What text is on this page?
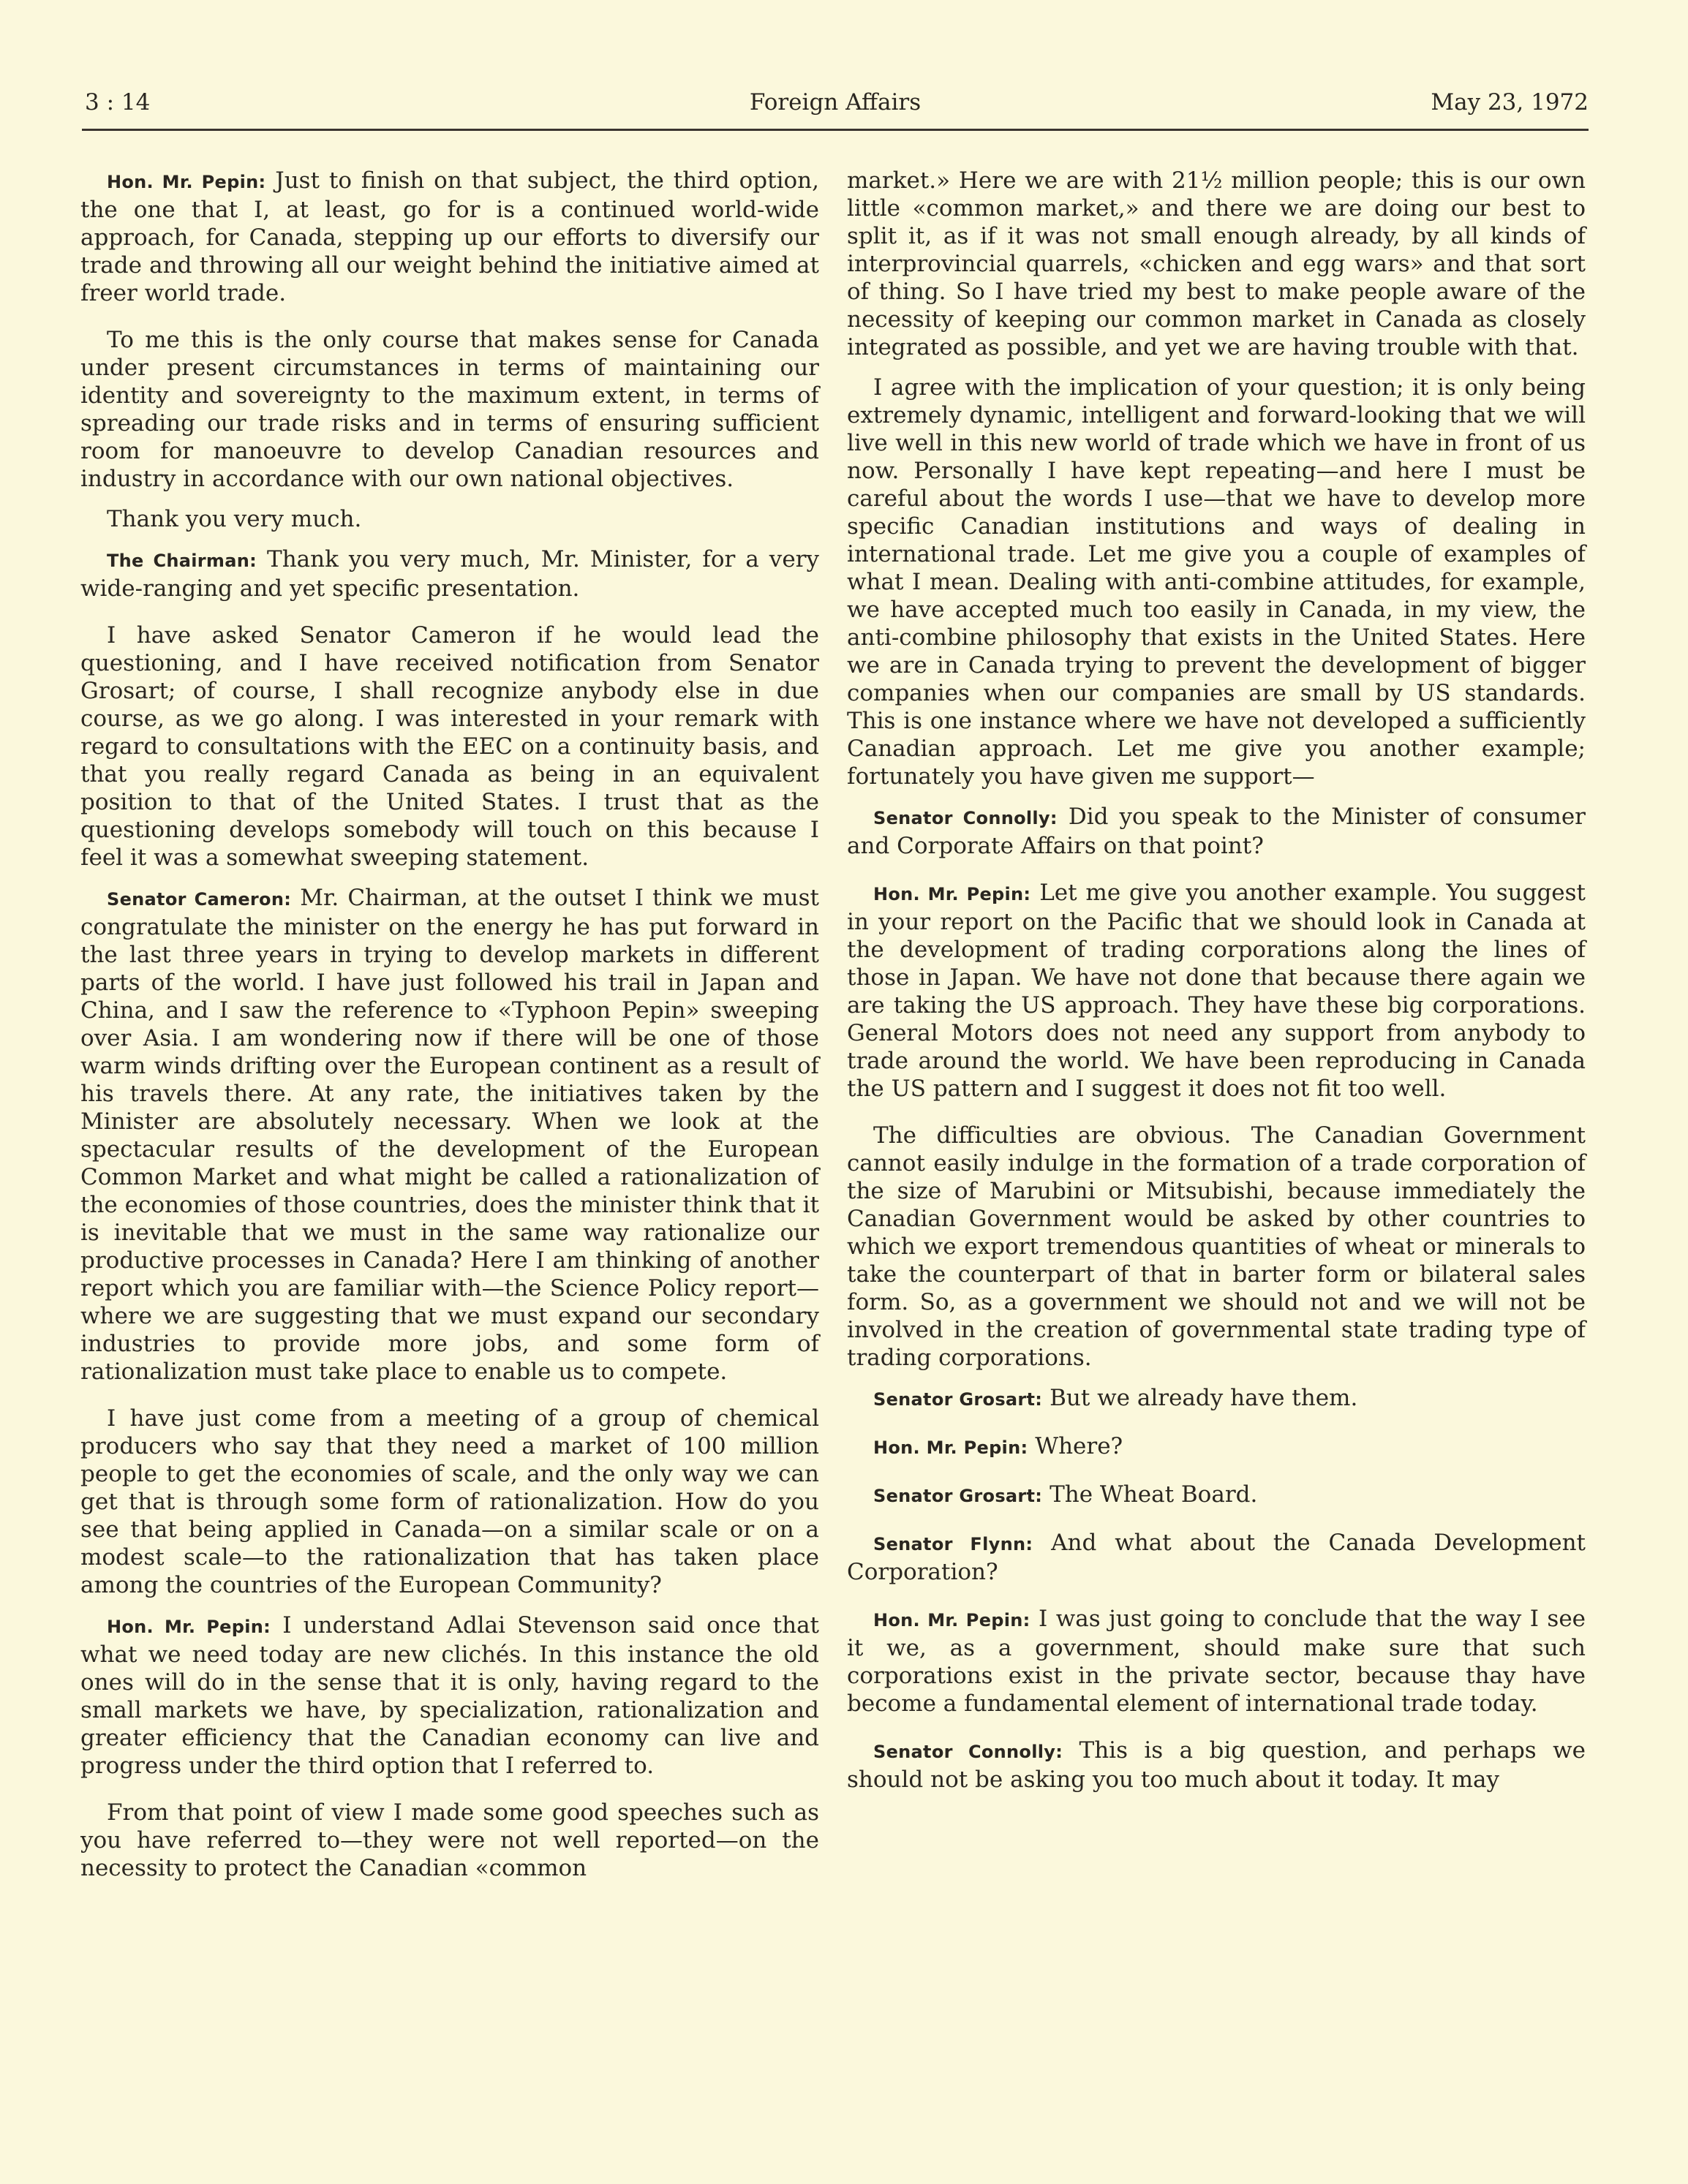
3 : 14	Foreign Affairs	May 23, 1972

Hon. Mr. Pepin: Just to finish on that subject, the third option, the one that I, at least, go for is a continued world-wide approach, for Canada, stepping up our efforts to diversify our trade and throwing all our weight behind the initiative aimed at freer world trade.

To me this is the only course that makes sense for Canada under present circumstances in terms of maintaining our identity and sovereignty to the maximum extent, in terms of spreading our trade risks and in terms of ensuring sufficient room for manoeuvre to develop Canadian resources and industry in accordance with our own national objectives.

Thank you very much.

The Chairman: Thank you very much, Mr. Minister, for a very wide-ranging and yet specific presentation.

I have asked Senator Cameron if he would lead the questioning, and I have received notification from Senator Grosart; of course, I shall recognize anybody else in due course, as we go along. I was interested in your remark with regard to consultations with the EEC on a continuity basis, and that you really regard Canada as being in an equivalent position to that of the United States. I trust that as the questioning develops somebody will touch on this because I feel it was a somewhat sweeping statement.

Senator Cameron: Mr. Chairman, at the outset I think we must congratulate the minister on the energy he has put forward in the last three years in trying to develop markets in different parts of the world. I have just followed his trail in Japan and China, and I saw the reference to «Typhoon Pepin» sweeping over Asia. I am wondering now if there will be one of those warm winds drifting over the European continent as a result of his travels there. At any rate, the initiatives taken by the Minister are absolutely necessary. When we look at the spectacular results of the development of the European Common Market and what might be called a rationalization of the economies of those countries, does the minister think that it is inevitable that we must in the same way rationalize our productive processes in Canada? Here I am thinking of another report which you are familiar with—the Science Policy report—where we are suggesting that we must expand our secondary industries to provide more jobs, and some form of rationalization must take place to enable us to compete.

I have just come from a meeting of a group of chemical producers who say that they need a market of 100 million people to get the economies of scale, and the only way we can get that is through some form of rationalization. How do you see that being applied in Canada—on a similar scale or on a modest scale—to the rationalization that has taken place among the countries of the European Community?

Hon. Mr. Pepin: I understand Adlai Stevenson said once that what we need today are new clichés. In this instance the old ones will do in the sense that it is only, having regard to the small markets we have, by specialization, rationalization and greater efficiency that the Canadian economy can live and progress under the third option that I referred to.

From that point of view I made some good speeches such as you have referred to—they were not well reported—on the necessity to protect the Canadian «common

market.» Here we are with 21½ million people; this is our own little «common market,» and there we are doing our best to split it, as if it was not small enough already, by all kinds of interprovincial quarrels, «chicken and egg wars» and that sort of thing. So I have tried my best to make people aware of the necessity of keeping our common market in Canada as closely integrated as possible, and yet we are having trouble with that.

I agree with the implication of your question; it is only being extremely dynamic, intelligent and forward-looking that we will live well in this new world of trade which we have in front of us now. Personally I have kept repeating—and here I must be careful about the words I use—that we have to develop more specific Canadian institutions and ways of dealing in international trade. Let me give you a couple of examples of what I mean. Dealing with anti-combine attitudes, for example, we have accepted much too easily in Canada, in my view, the anti-combine philosophy that exists in the United States. Here we are in Canada trying to prevent the development of bigger companies when our companies are small by US standards. This is one instance where we have not developed a sufficiently Canadian approach. Let me give you another example; fortunately you have given me support—

Senator Connolly: Did you speak to the Minister of consumer and Corporate Affairs on that point?

Hon. Mr. Pepin: Let me give you another example. You suggest in your report on the Pacific that we should look in Canada at the development of trading corporations along the lines of those in Japan. We have not done that because there again we are taking the US approach. They have these big corporations. General Motors does not need any support from anybody to trade around the world. We have been reproducing in Canada the US pattern and I suggest it does not fit too well.

The difficulties are obvious. The Canadian Government cannot easily indulge in the formation of a trade corporation of the size of Marubini or Mitsubishi, because immediately the Canadian Government would be asked by other countries to which we export tremendous quantities of wheat or minerals to take the counterpart of that in barter form or bilateral sales form. So, as a government we should not and we will not be involved in the creation of governmental state trading type of trading corporations.

Senator Grosart: But we already have them.

Hon. Mr. Pepin: Where?

Senator Grosart: The Wheat Board.

Senator Flynn: And what about the Canada Development Corporation?

Hon. Mr. Pepin: I was just going to conclude that the way I see it we, as a government, should make sure that such corporations exist in the private sector, because thay have become a fundamental element of international trade today.

Senator Connolly: This is a big question, and perhaps we should not be asking you too much about it today. It may
